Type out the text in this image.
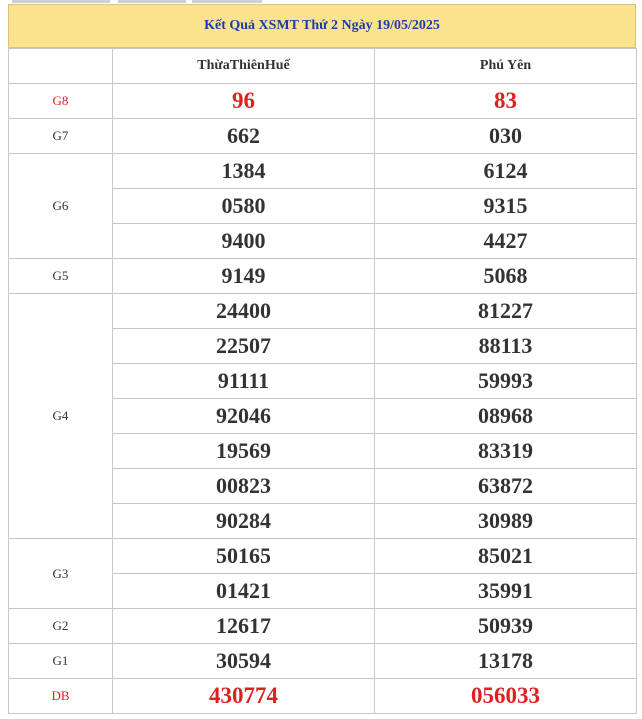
Kết Quả XSMT Thứ 2 Ngày 19/05/2025
	ThừaThiênHuế	Phú Yên
G8	96	83
G7	662	030
G6	1384	6124
	0580	9315
	9400	4427
G5	9149	5068
G4	24400	81227
	22507	88113
	91111	59993
	92046	08968
	19569	83319
	00823	63872
	90284	30989
G3	50165	85021
	01421	35991
G2	12617	50939
G1	30594	13178
DB	430774	056033
